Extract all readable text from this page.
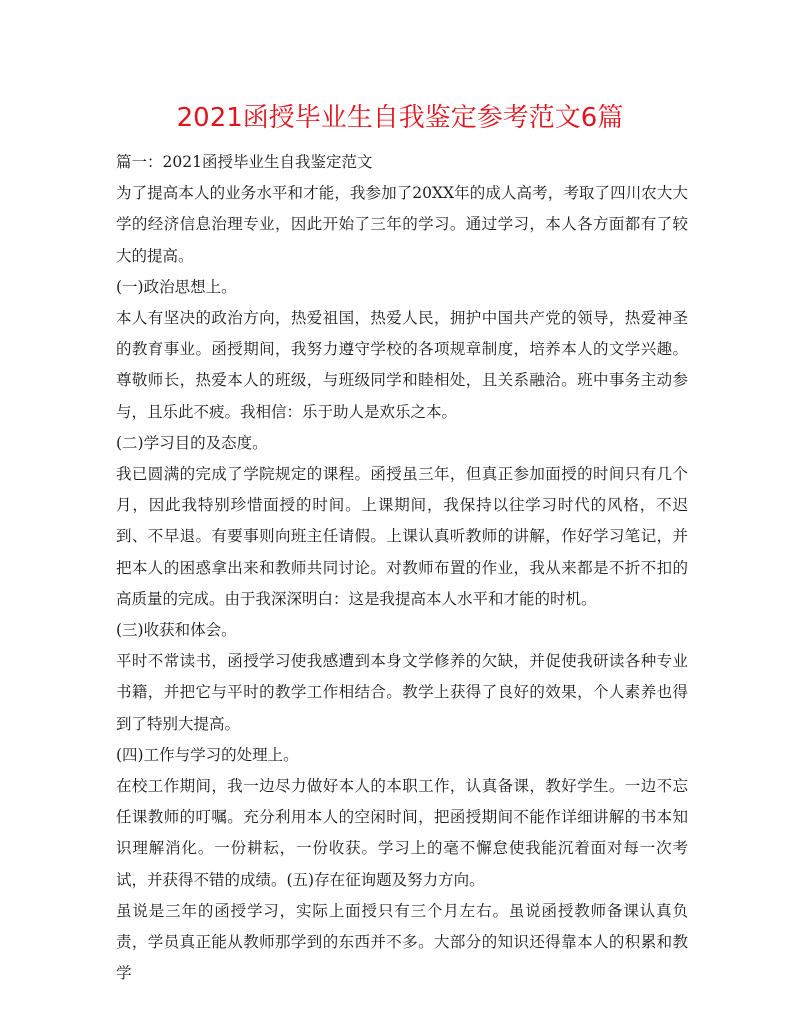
2021函授毕业生自我鉴定参考范文6篇

篇一：2021函授毕业生自我鉴定范文

为了提高本人的业务水平和才能，我参加了20XX年的成人高考，考取了四川农大大学的经济信息治理专业，因此开始了三年的学习。通过学习，本人各方面都有了较大的提高。

(一)政治思想上。

本人有坚决的政治方向，热爱祖国，热爱人民，拥护中国共产党的领导，热爱神圣的教育事业。函授期间，我努力遵守学校的各项规章制度，培养本人的文学兴趣。尊敬师长，热爱本人的班级，与班级同学和睦相处，且关系融洽。班中事务主动参与，且乐此不疲。我相信：乐于助人是欢乐之本。

(二)学习目的及态度。

我已圆满的完成了学院规定的课程。函授虽三年，但真正参加面授的时间只有几个月，因此我特别珍惜面授的时间。上课期间，我保持以往学习时代的风格，不迟到、不早退。有要事则向班主任请假。上课认真听教师的讲解，作好学习笔记，并把本人的困惑拿出来和教师共同讨论。对教师布置的作业，我从来都是不折不扣的高质量的完成。由于我深深明白：这是我提高本人水平和才能的时机。

(三)收获和体会。

平时不常读书，函授学习使我感遭到本身文学修养的欠缺，并促使我研读各种专业书籍，并把它与平时的教学工作相结合。教学上获得了良好的效果，个人素养也得到了特别大提高。

(四)工作与学习的处理上。

在校工作期间，我一边尽力做好本人的本职工作，认真备课，教好学生。一边不忘任课教师的叮嘱。充分利用本人的空闲时间，把函授期间不能作详细讲解的书本知识理解消化。一份耕耘，一份收获。学习上的毫不懈怠使我能沉着面对每一次考试，并获得不错的成绩。(五)存在征询题及努力方向。

虽说是三年的函授学习，实际上面授只有三个月左右。虽说函授教师备课认真负责，学员真正能从教师那学到的东西并不多。大部分的知识还得靠本人的积累和教学
